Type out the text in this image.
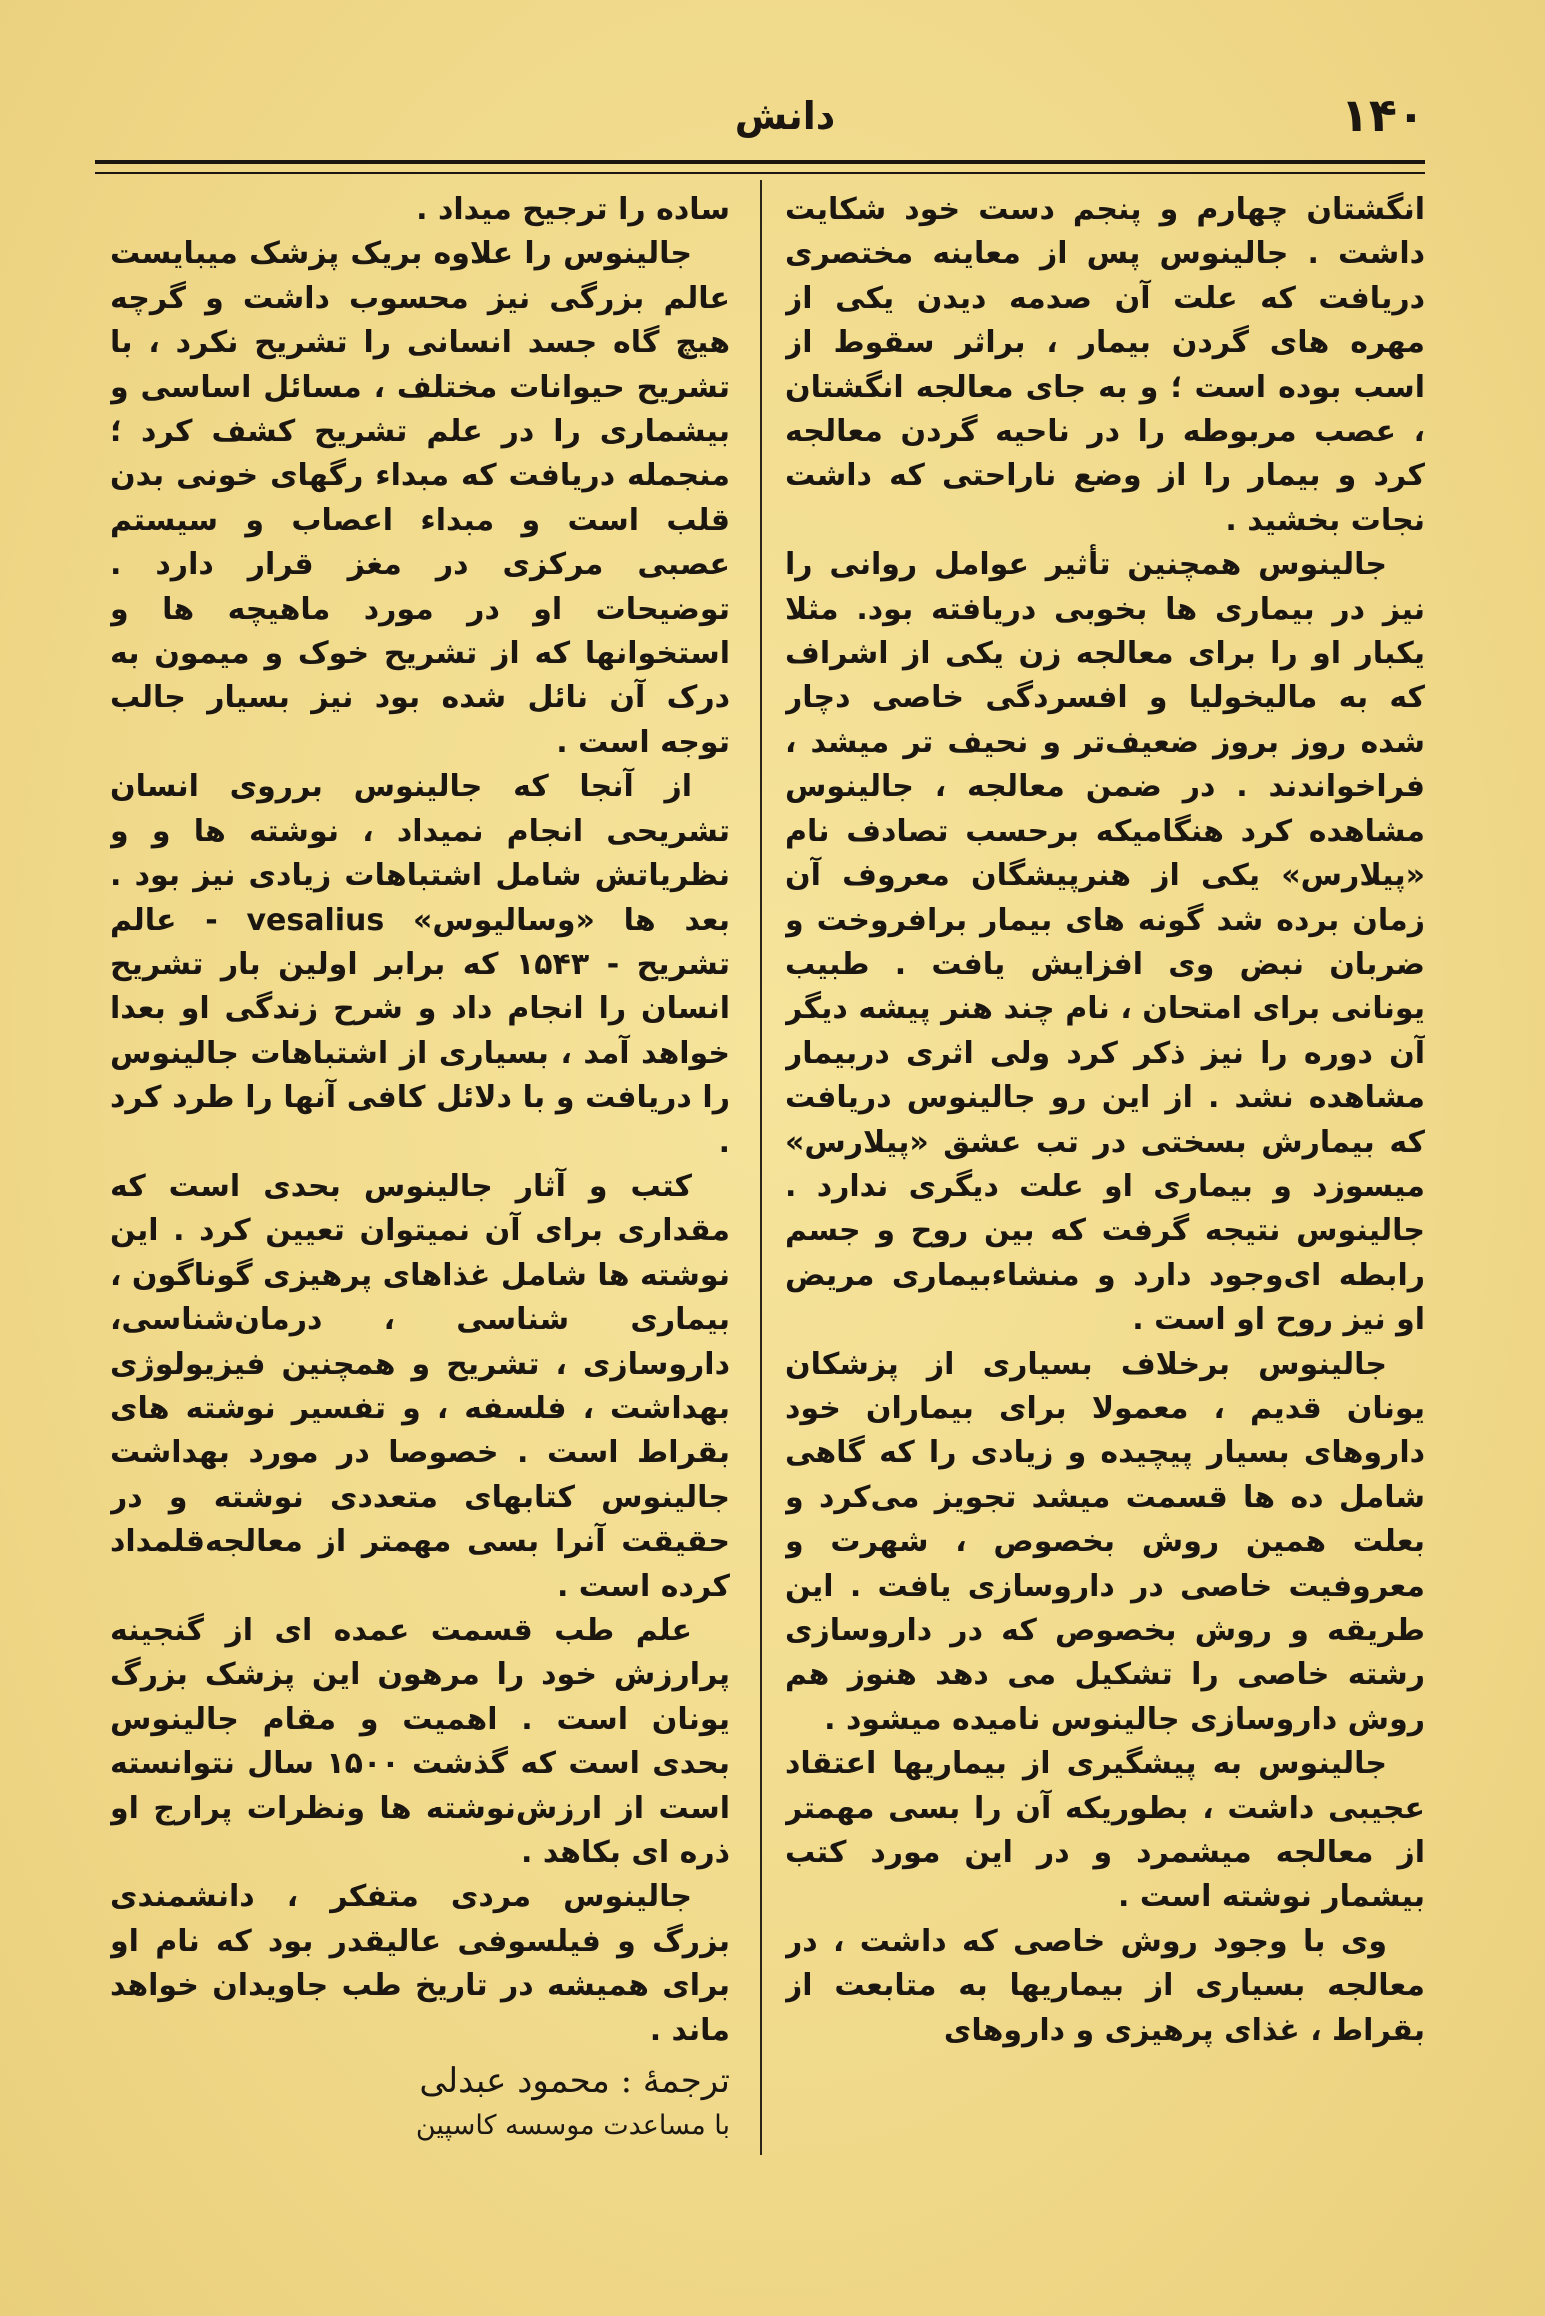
۱۴۰
دانش

انگشتان چهارم و پنجم دست خود شکایت داشت . جالینوس پس از معاینه مختصری دریافت که علت آن صدمه دیدن یکی از مهره های گردن بیمار ، براثر سقوط از اسب بوده است ؛ و به جای معالجه انگشتان ، عصب مربوطه را در ناحیه گردن معالجه کرد و بیمار را از وضع ناراحتی که داشت نجات بخشید .

جالینوس همچنین تأثیر عوامل روانی را نیز در بیماری ها بخوبی دریافته بود. مثلا یکبار او را برای معالجه زن یکی از اشراف که به مالیخولیا و افسردگی خاصی دچار شده روز بروز ضعیف‌تر و نحیف تر میشد ، فراخواندند . در ضمن معالجه ، جالینوس مشاهده کرد هنگامیکه برحسب تصادف نام «پیلارس» یکی از هنرپیشگان معروف آن زمان برده شد گونه های بیمار برافروخت و ضربان نبض وی افزایش یافت . طبیب یونانی برای امتحان ، نام چند هنر پیشه دیگر آن دوره را نیز ذکر کرد ولی اثری دربیمار مشاهده نشد . از این رو جالینوس دریافت که بیمارش بسختی در تب عشق «پیلارس» میسوزد و بیماری او علت دیگری ندارد . جالینوس نتیجه گرفت که بین روح و جسم رابطه ای‌وجود دارد و منشاءبیماری مریض او نیز روح او است .

جالینوس برخلاف بسیاری از پزشکان یونان قدیم ، معمولا برای بیماران خود داروهای بسیار پیچیده و زیادی را که گاهی شامل ده ها قسمت میشد تجویز می‌کرد و بعلت همین روش بخصوص ، شهرت و معروفیت خاصی در داروسازی یافت . این طریقه و روش بخصوص که در داروسازی رشته خاصی را تشکیل می دهد هنوز هم روش داروسازی جالینوس نامیده میشود .

جالینوس به پیشگیری از بیماریها اعتقاد عجیبی داشت ، بطوریکه آن را بسی مهمتر از معالجه میشمرد و در این مورد کتب بیشمار نوشته است .

وی با وجود روش خاصی که داشت ، در معالجه بسیاری از بیماریها به متابعت از بقراط ، غذای پرهیزی و داروهای

ساده را ترجیح میداد .

جالینوس را علاوه بریک پزشک میبایست عالم بزرگی نیز محسوب داشت و گرچه هیچ گاه جسد انسانی را تشریح نکرد ، با تشریح حیوانات مختلف ، مسائل اساسی و بیشماری را در علم تشریح کشف کرد ؛ منجمله دریافت که مبداء رگهای خونی بدن قلب است و مبداء اعصاب و سیستم عصبی مرکزی در مغز قرار دارد . توضیحات او در مورد ماهیچه ها و استخوانها که از تشریح خوک و میمون به درک آن نائل شده بود نیز بسیار جالب توجه است .

از آنجا که جالینوس برروی انسان تشریحی انجام نمیداد ، نوشته ها و و نظریاتش شامل اشتباهات زیادی نیز بود . بعد ها «وسالیوس» vesalius - عالم تشریح - ۱۵۴۳ که برابر اولین بار تشریح انسان را انجام داد و شرح زندگی او بعدا خواهد آمد ، بسیاری از اشتباهات جالینوس را دریافت و با دلائل کافی آنها را طرد کرد .

کتب و آثار جالینوس بحدی است که مقداری برای آن نمیتوان تعیین کرد . این نوشته ها شامل غذاهای پرهیزی گوناگون ، بیماری شناسی ، درمان‌شناسی، داروسازی ، تشریح و همچنین فیزیولوژی بهداشت ، فلسفه ، و تفسیر نوشته های بقراط است . خصوصا در مورد بهداشت جالینوس کتابهای متعددی نوشته و در حقیقت آنرا بسی مهمتر از معالجه‌قلمداد کرده است .

علم طب قسمت عمده ای از گنجینه پرارزش خود را مرهون این پزشک بزرگ یونان است . اهمیت و مقام جالینوس بحدی است که گذشت ۱۵۰۰ سال نتوانسته است از ارزش‌نوشته ها ونظرات پرارج او ذره ای بکاهد .

جالینوس مردی متفکر ، دانشمندی بزرگ و فیلسوفی عالیقدر بود که نام او برای همیشه در تاریخ طب جاویدان خواهد ماند .

ترجمهٔ : محمود عبدلی
با مساعدت موسسه کاسپین
